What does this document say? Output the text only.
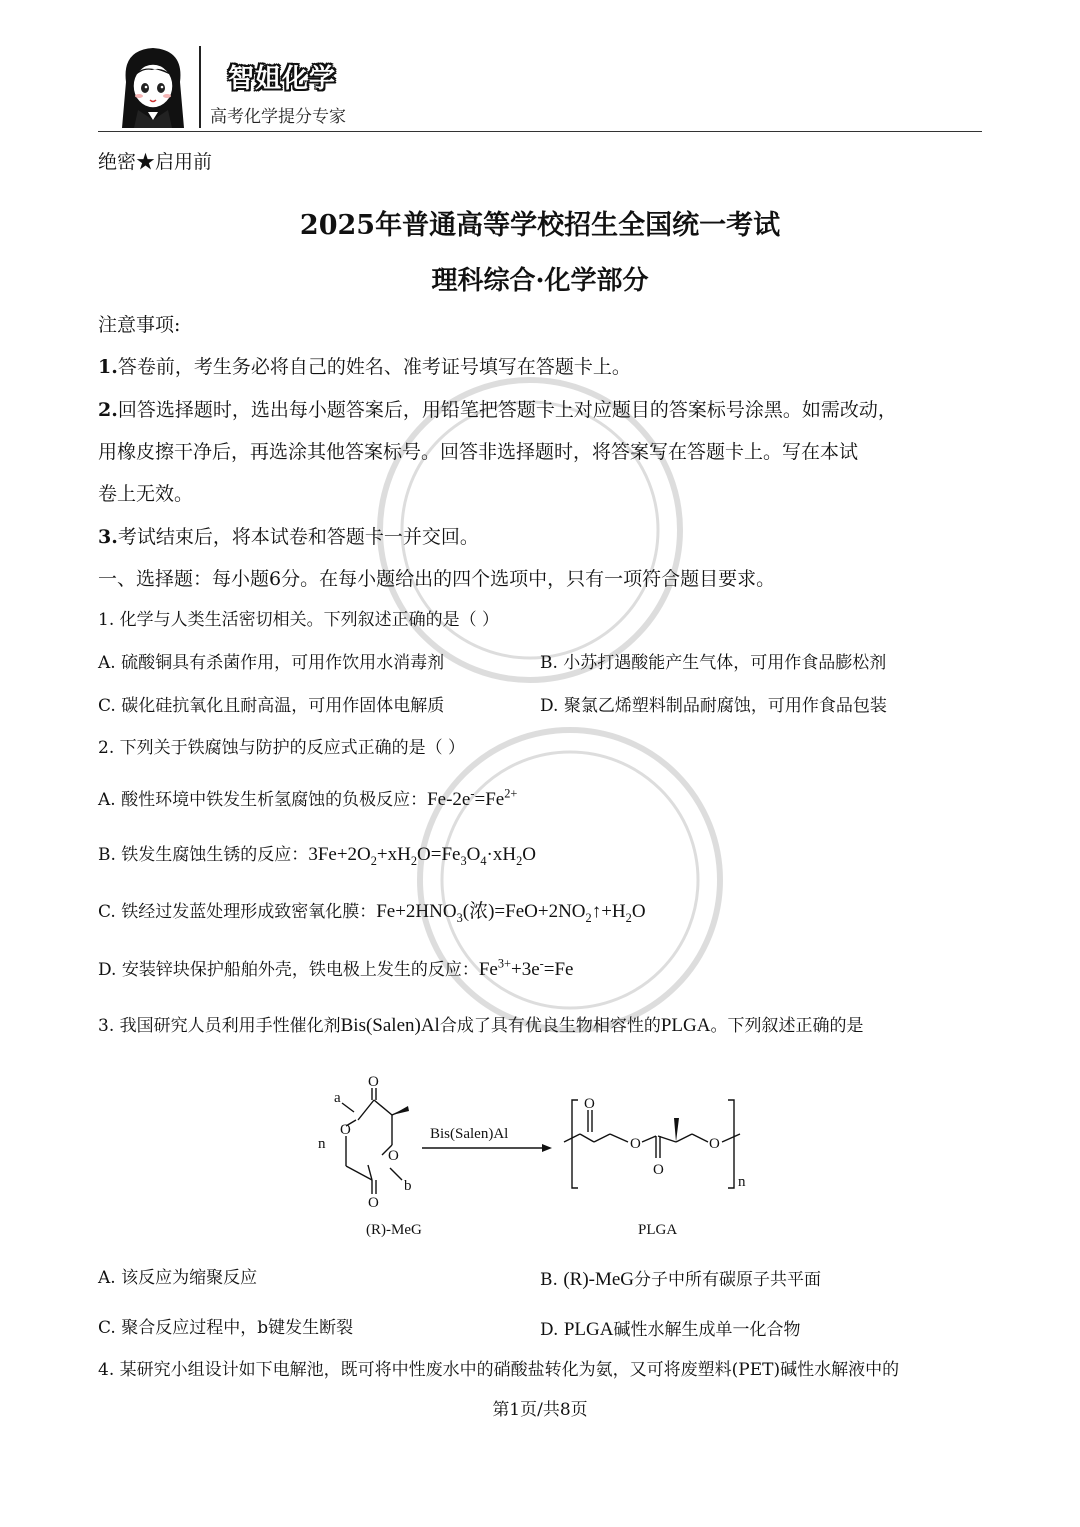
智姐化学
高考化学提分专家
绝密★启用前
2025年普通高等学校招生全国统一考试
理科综合·化学部分
注意事项:
1.答卷前，考生务必将自己的姓名、准考证号填写在答题卡上。
2.回答选择题时，选出每小题答案后，用铅笔把答题卡上对应题目的答案标号涂黑。如需改动，
用橡皮擦干净后，再选涂其他答案标号。回答非选择题时，将答案写在答题卡上。写在本试
卷上无效。
3.考试结束后，将本试卷和答题卡一并交回。
一、选择题：每小题6分。在每小题给出的四个选项中，只有一项符合题目要求。
1. 化学与人类生活密切相关。下列叙述正确的是（ ）
A. 硫酸铜具有杀菌作用，可用作饮用水消毒剂	B. 小苏打遇酸能产生气体，可用作食品膨松剂
C. 碳化硅抗氧化且耐高温，可用作固体电解质	D. 聚氯乙烯塑料制品耐腐蚀，可用作食品包装
2. 下列关于铁腐蚀与防护的反应式正确的是（ ）
A. 酸性环境中铁发生析氢腐蚀的负极反应：$Fe-2e^-=Fe^{2+}$
B. 铁发生腐蚀生锈的反应：$3Fe+2O_2+xH_2O=Fe_3O_4\cdot xH_2O$
C. 铁经过发蓝处理形成致密氧化膜：$Fe+2HNO_3$(浓)$=FeO+2NO_2↑+H_2O$
D. 安装锌块保护船舶外壳，铁电极上发生的反应：$Fe^{3+}+3e^-=Fe$
3. 我国研究人员利用手性催化剂Bis(Salen)Al合成了具有优良生物相容性的PLGA。下列叙述正确的是
O
O
O
O
a
b
n
Bis(Salen)Al
O
O
O
O
n
(R)-MeG	PLGA
A. 该反应为缩聚反应	B. (R)-MeG分子中所有碳原子共平面
C. 聚合反应过程中，b键发生断裂	D. PLGA碱性水解生成单一化合物
4. 某研究小组设计如下电解池，既可将中性废水中的硝酸盐转化为氨，又可将废塑料(PET)碱性水解液中的
第1页/共8页
